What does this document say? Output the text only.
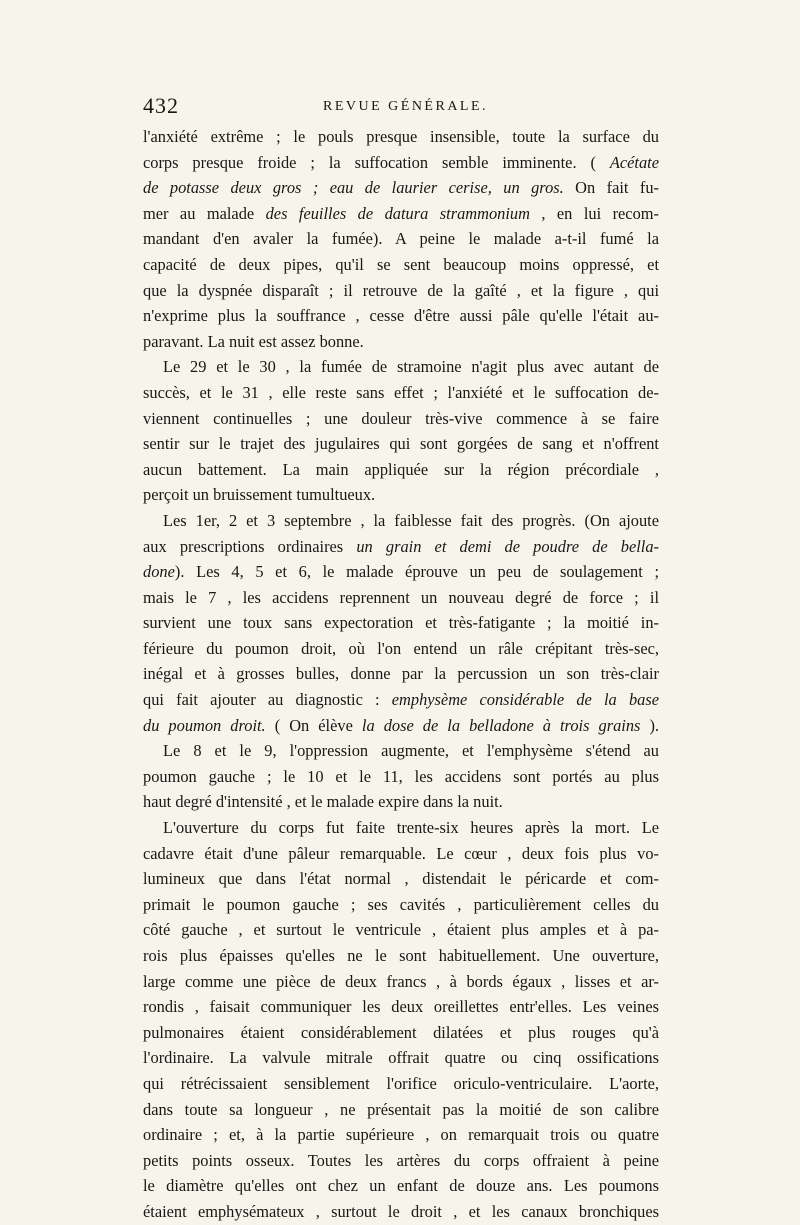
432	REVUE GÉNÉRALE.
l'anxiété extrême ; le pouls presque insensible, toute la surface du
corps presque froide ; la suffocation semble imminente. ( Acétate
de potasse deux gros ; eau de laurier cerise, un gros. On fait fu-
mer au malade des feuilles de datura strammonium , en lui recom-
mandant d'en avaler la fumée). A peine le malade a-t-il fumé la
capacité de deux pipes, qu'il se sent beaucoup moins oppressé, et
que la dyspnée disparaît ; il retrouve de la gaîté , et la figure , qui
n'exprime plus la souffrance , cesse d'être aussi pâle qu'elle l'était au-
paravant. La nuit est assez bonne.
Le 29 et le 30 , la fumée de stramoine n'agit plus avec autant de
succès, et le 31 , elle reste sans effet ; l'anxiété et le suffocation de-
viennent continuelles ; une douleur très-vive commence à se faire
sentir sur le trajet des jugulaires qui sont gorgées de sang et n'offrent
aucun battement. La main appliquée sur la région précordiale ,
perçoit un bruissement tumultueux.
Les 1er, 2 et 3 septembre , la faiblesse fait des progrès. (On ajoute
aux prescriptions ordinaires un grain et demi de poudre de bella-
done). Les 4, 5 et 6, le malade éprouve un peu de soulagement ;
mais le 7 , les accidens reprennent un nouveau degré de force ; il
survient une toux sans expectoration et très-fatigante ; la moitié in-
férieure du poumon droit, où l'on entend un râle crépitant très-sec,
inégal et à grosses bulles, donne par la percussion un son très-clair
qui fait ajouter au diagnostic : emphysème considérable de la base
du poumon droit. ( On élève la dose de la belladone à trois grains ).
Le 8 et le 9, l'oppression augmente, et l'emphysème s'étend au
poumon gauche ; le 10 et le 11, les accidens sont portés au plus
haut degré d'intensité , et le malade expire dans la nuit.
L'ouverture du corps fut faite trente-six heures après la mort. Le
cadavre était d'une pâleur remarquable. Le cœur , deux fois plus vo-
lumineux que dans l'état normal , distendait le péricarde et com-
primait le poumon gauche ; ses cavités , particulièrement celles du
côté gauche , et surtout le ventricule , étaient plus amples et à pa-
rois plus épaisses qu'elles ne le sont habituellement. Une ouverture,
large comme une pièce de deux francs , à bords égaux , lisses et ar-
rondis , faisait communiquer les deux oreillettes entr'elles. Les veines
pulmonaires étaient considérablement dilatées et plus rouges qu'à
l'ordinaire. La valvule mitrale offrait quatre ou cinq ossifications
qui rétrécissaient sensiblement l'orifice oriculo-ventriculaire. L'aorte,
dans toute sa longueur , ne présentait pas la moitié de son calibre
ordinaire ; et, à la partie supérieure , on remarquait trois ou quatre
petits points osseux. Toutes les artères du corps offraient à peine
le diamètre qu'elles ont chez un enfant de douze ans. Les poumons
étaient emphysémateux , surtout le droit , et les canaux bronchiques
